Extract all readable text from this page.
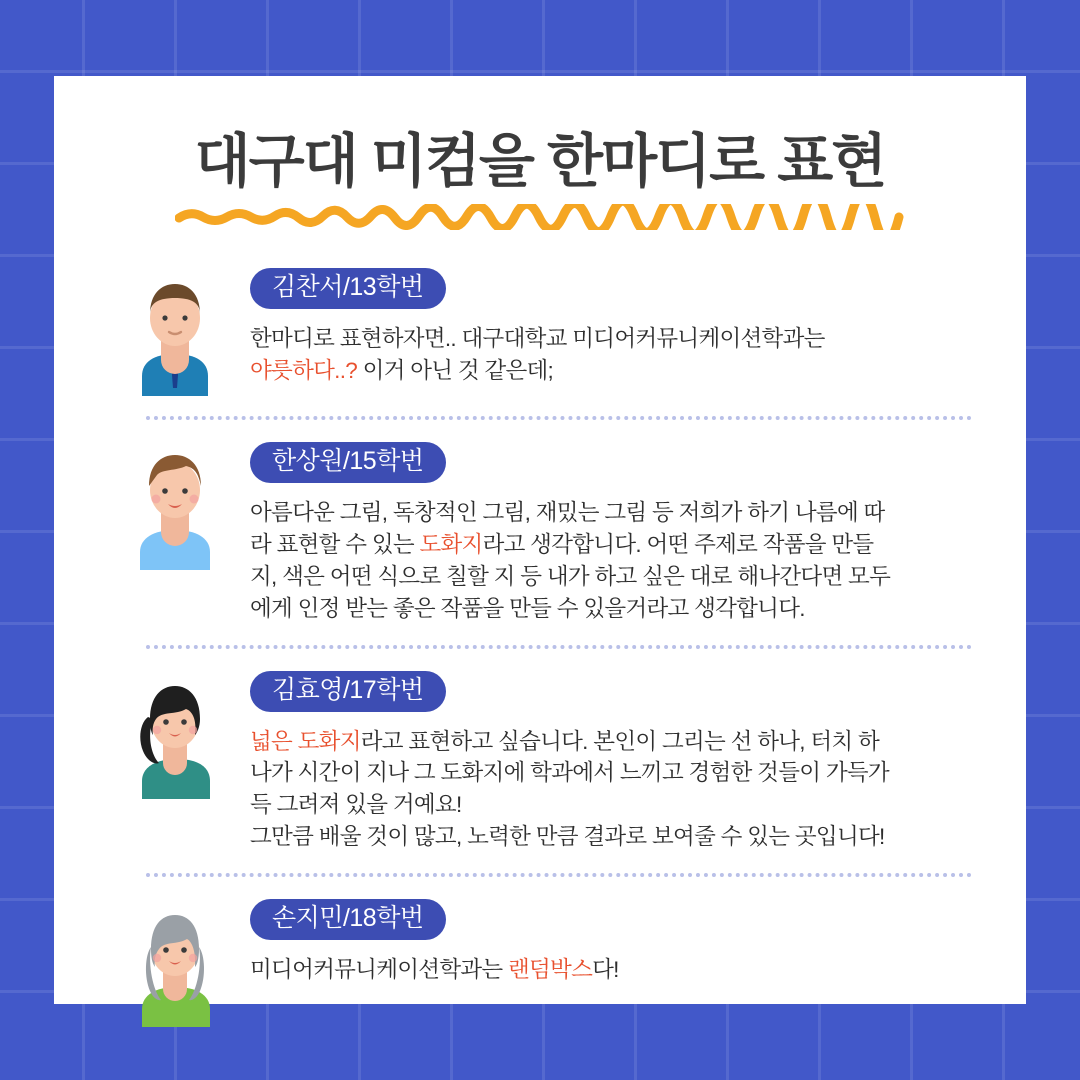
대구대 미컴을 한마디로 표현
김찬서/13학번
한마디로 표현하자면.. 대구대학교 미디어커뮤니케이션학과는
야릇하다..? 이거 아닌 것 같은데;
한상원/15학번
아름다운 그림, 독창적인 그림, 재밌는 그림 등 저희가 하기 나름에 따
라 표현할 수 있는 도화지라고 생각합니다. 어떤 주제로 작품을 만들
지, 색은 어떤 식으로 칠할 지 등 내가 하고 싶은 대로 해나간다면 모두
에게 인정 받는 좋은 작품을 만들 수 있을거라고 생각합니다.
김효영/17학번
넓은 도화지라고 표현하고 싶습니다. 본인이 그리는 선 하나, 터치 하
나가 시간이 지나 그 도화지에 학과에서 느끼고 경험한 것들이 가득가
득 그려져 있을 거예요!
그만큼 배울 것이 많고, 노력한 만큼 결과로 보여줄 수 있는 곳입니다!
손지민/18학번
미디어커뮤니케이션학과는 랜덤박스다!
